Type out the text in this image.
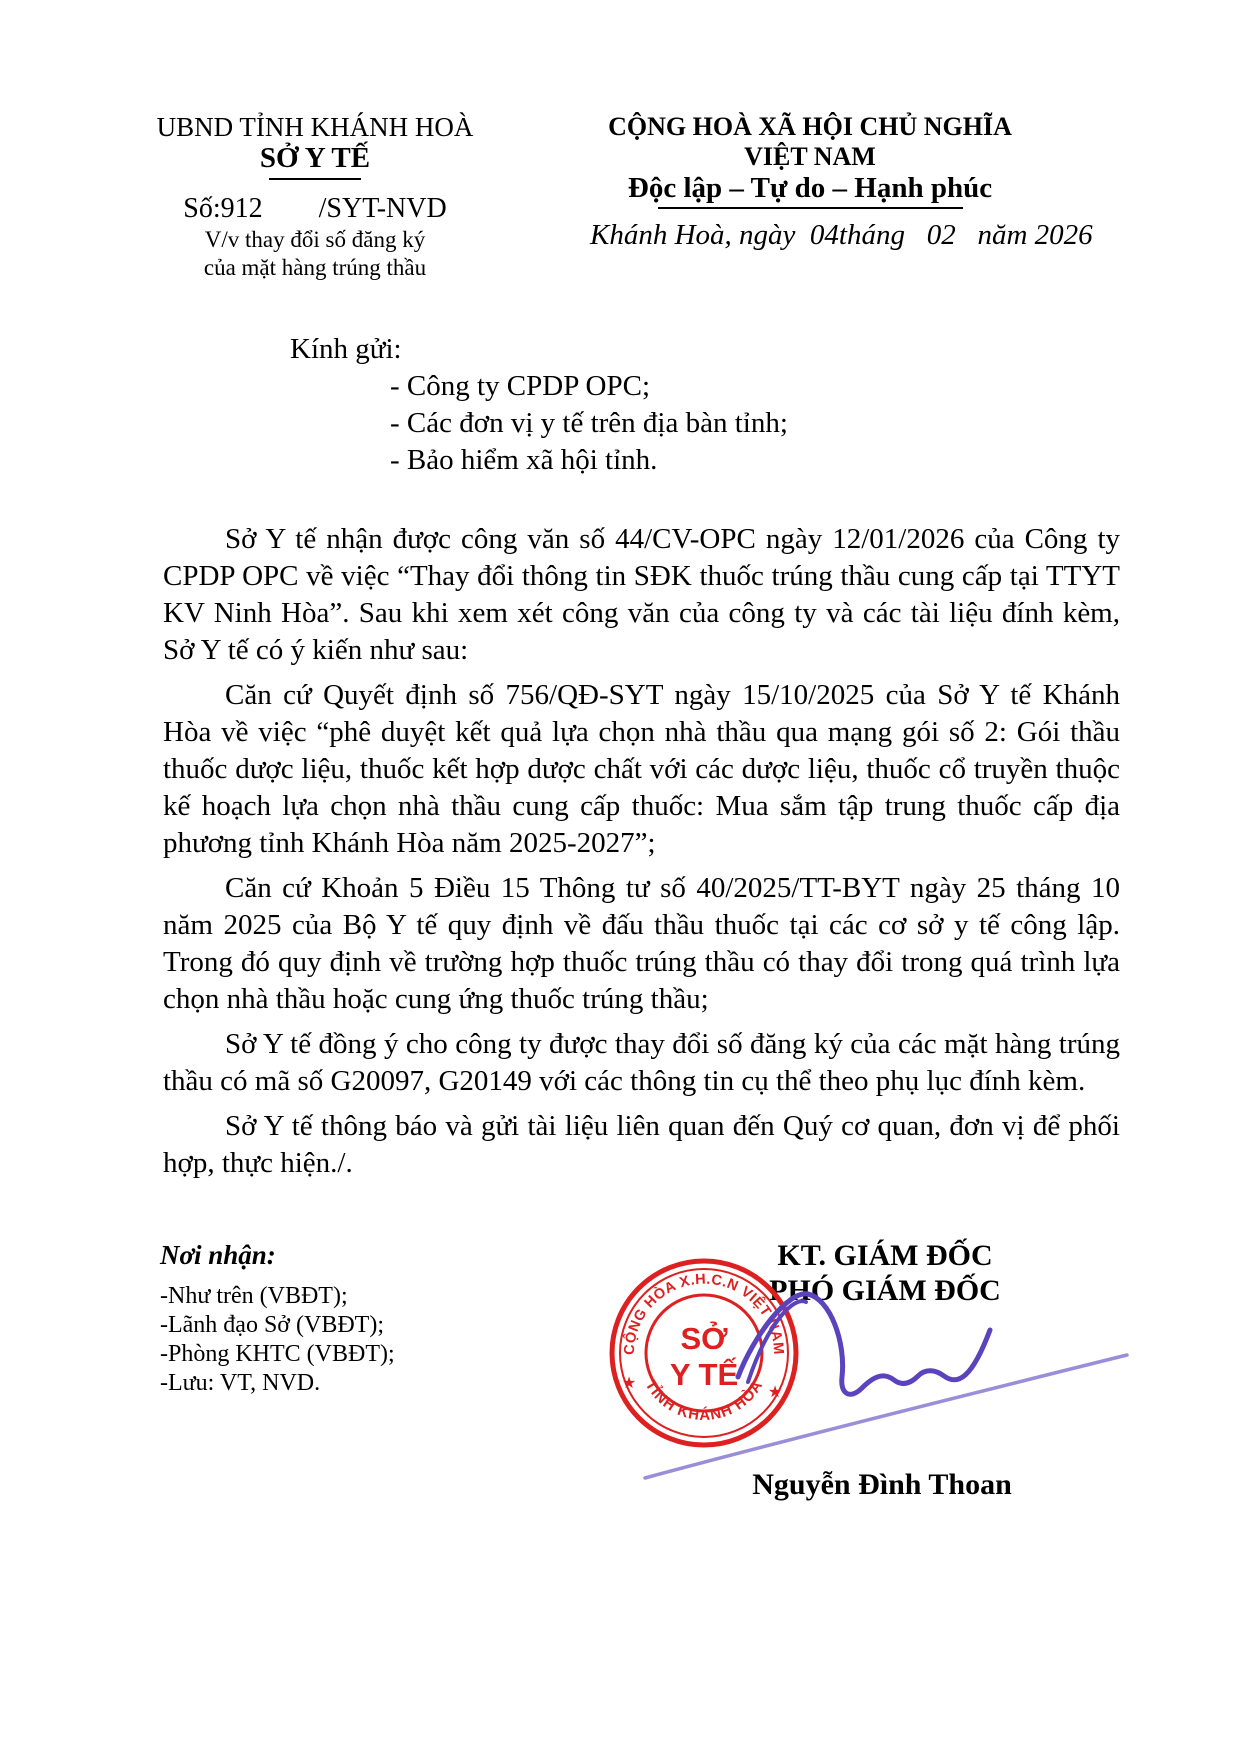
UBND TỈNH KHÁNH HOÀ
SỞ Y TẾ
Số:912        /SYT-NVD
V/v thay đổi số đăng ký
của mặt hàng trúng thầu
CỘNG HOÀ XÃ HỘI CHỦ NGHĨA VIỆT NAM
Độc lập – Tự do – Hạnh phúc
Khánh Hoà, ngày  04tháng   02   năm 2026
Kính gửi:
- Công ty CPDP OPC;
- Các đơn vị y tế trên địa bàn tỉnh;
- Bảo hiểm xã hội tỉnh.

Sở Y tế nhận được công văn số 44/CV-OPC ngày 12/01/2026 của Công ty CPDP OPC về việc “Thay đổi thông tin SĐK thuốc trúng thầu cung cấp tại TTYT KV Ninh Hòa”. Sau khi xem xét công văn của công ty và các tài liệu đính kèm, Sở Y tế có ý kiến như sau:

Căn cứ Quyết định số 756/QĐ-SYT ngày 15/10/2025 của Sở Y tế Khánh Hòa về việc “phê duyệt kết quả lựa chọn nhà thầu qua mạng gói số 2: Gói thầu thuốc dược liệu, thuốc kết hợp dược chất với các dược liệu, thuốc cổ truyền thuộc kế hoạch lựa chọn nhà thầu cung cấp thuốc: Mua sắm tập trung thuốc cấp địa phương tỉnh Khánh Hòa năm 2025-2027”;

Căn cứ Khoản 5 Điều 15 Thông tư số 40/2025/TT-BYT ngày 25 tháng 10 năm 2025 của Bộ Y tế quy định về đấu thầu thuốc tại các cơ sở y tế công lập. Trong đó quy định về trường hợp thuốc trúng thầu có thay đổi trong quá trình lựa chọn nhà thầu hoặc cung ứng thuốc trúng thầu;

Sở Y tế đồng ý cho công ty được thay đổi số đăng ký của các mặt hàng trúng thầu có mã số G20097, G20149 với các thông tin cụ thể theo phụ lục đính kèm.

Sở Y tế thông báo và gửi tài liệu liên quan đến Quý cơ quan, đơn vị để phối hợp, thực hiện./.

Nơi nhận:
-Như trên (VBĐT);
-Lãnh đạo Sở (VBĐT);
-Phòng KHTC (VBĐT);
-Lưu: VT, NVD.
KT. GIÁM ĐỐC
PHÓ GIÁM ĐỐC
CỘNG HÒA X.H.C.N VIỆT NAM
TỈNH KHÁNH HÒA
★
★
SỞ
Y TẾ
Nguyễn Đình Thoan
